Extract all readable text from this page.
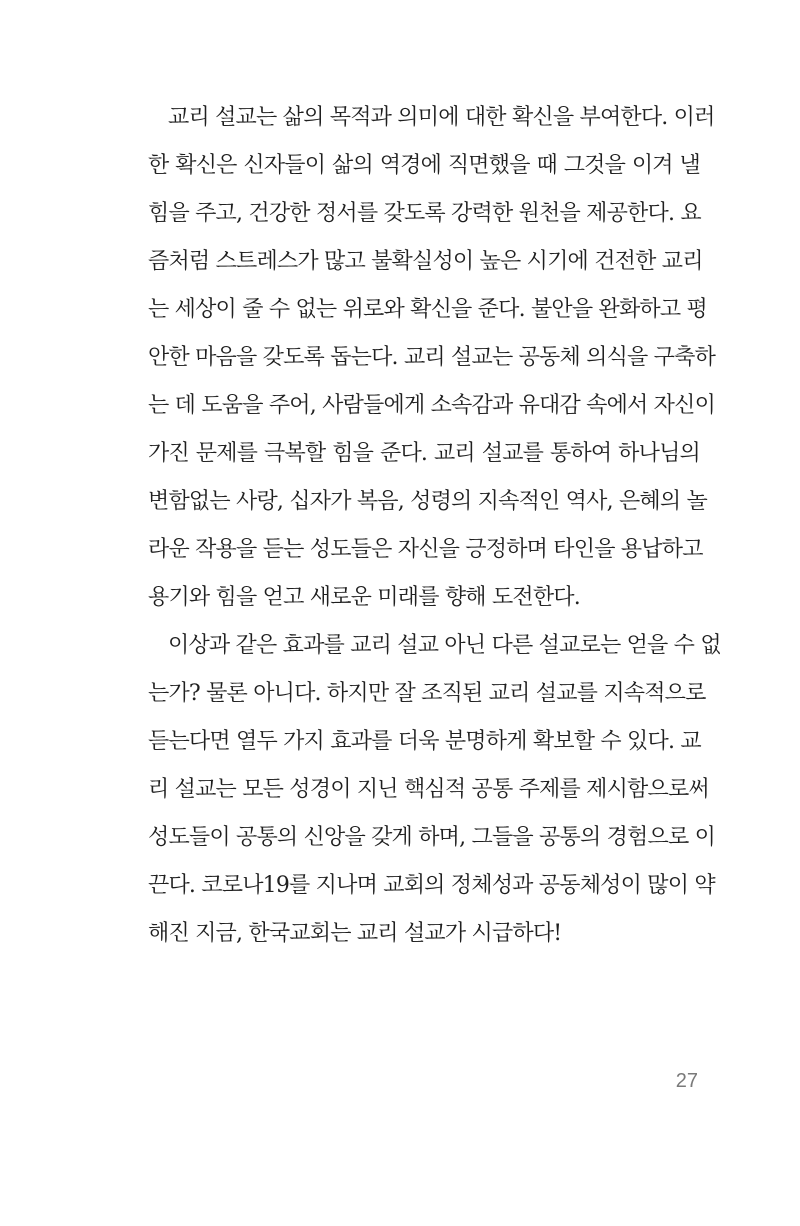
교리 설교는 삶의 목적과 의미에 대한 확신을 부여한다. 이러
한 확신은 신자들이 삶의 역경에 직면했을 때 그것을 이겨 낼
힘을 주고, 건강한 정서를 갖도록 강력한 원천을 제공한다. 요
즘처럼 스트레스가 많고 불확실성이 높은 시기에 건전한 교리
는 세상이 줄 수 없는 위로와 확신을 준다. 불안을 완화하고 평
안한 마음을 갖도록 돕는다. 교리 설교는 공동체 의식을 구축하
는 데 도움을 주어, 사람들에게 소속감과 유대감 속에서 자신이
가진 문제를 극복할 힘을 준다. 교리 설교를 통하여 하나님의
변함없는 사랑, 십자가 복음, 성령의 지속적인 역사, 은혜의 놀
라운 작용을 듣는 성도들은 자신을 긍정하며 타인을 용납하고
용기와 힘을 얻고 새로운 미래를 향해 도전한다.
이상과 같은 효과를 교리 설교 아닌 다른 설교로는 얻을 수 없
는가? 물론 아니다. 하지만 잘 조직된 교리 설교를 지속적으로
듣는다면 열두 가지 효과를 더욱 분명하게 확보할 수 있다. 교
리 설교는 모든 성경이 지닌 핵심적 공통 주제를 제시함으로써
성도들이 공통의 신앙을 갖게 하며, 그들을 공통의 경험으로 이
끈다. 코로나19를 지나며 교회의 정체성과 공동체성이 많이 약
해진 지금, 한국교회는 교리 설교가 시급하다!
27
